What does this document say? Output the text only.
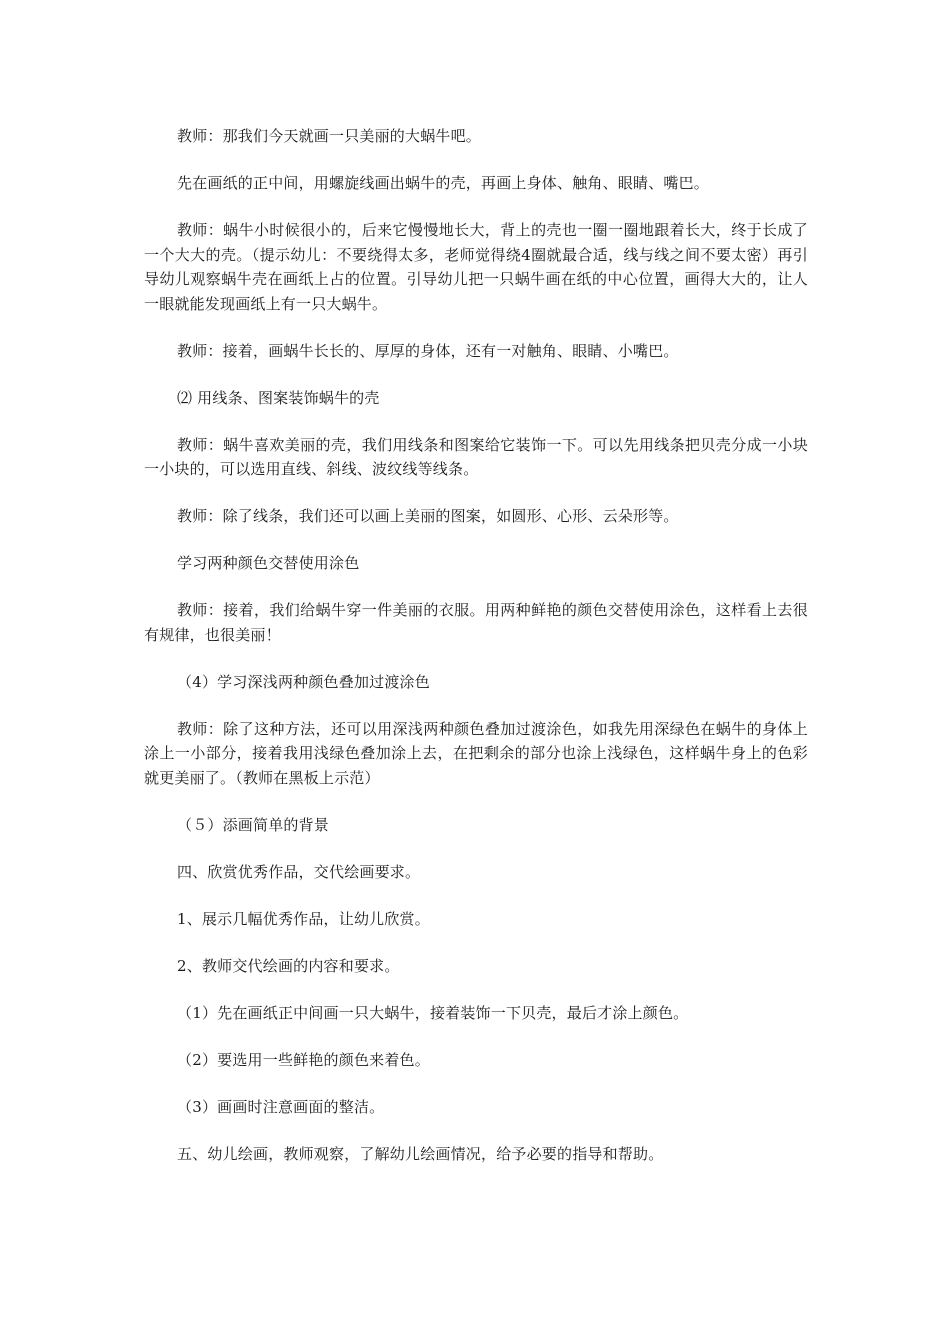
教师：那我们今天就画一只美丽的大蜗牛吧。

先在画纸的正中间，用螺旋线画出蜗牛的壳，再画上身体、触角、眼睛、嘴巴。

教师：蜗牛小时候很小的，后来它慢慢地长大，背上的壳也一圈一圈地跟着长大，终于长成了一个大大的壳。（提示幼儿：不要绕得太多，老师觉得绕4圈就最合适，线与线之间不要太密）再引导幼儿观察蜗牛壳在画纸上占的位置。引导幼儿把一只蜗牛画在纸的中心位置，画得大大的，让人一眼就能发现画纸上有一只大蜗牛。

教师：接着，画蜗牛长长的、厚厚的身体，还有一对触角、眼睛、小嘴巴。

⑵ 用线条、图案装饰蜗牛的壳

教师：蜗牛喜欢美丽的壳，我们用线条和图案给它装饰一下。可以先用线条把贝壳分成一小块一小块的，可以选用直线、斜线、波纹线等线条。

教师：除了线条，我们还可以画上美丽的图案，如圆形、心形、云朵形等。

学习两种颜色交替使用涂色

教师：接着，我们给蜗牛穿一件美丽的衣服。用两种鲜艳的颜色交替使用涂色，这样看上去很有规律，也很美丽！

（4）学习深浅两种颜色叠加过渡涂色

教师：除了这种方法，还可以用深浅两种颜色叠加过渡涂色，如我先用深绿色在蜗牛的身体上涂上一小部分，接着我用浅绿色叠加涂上去，在把剩余的部分也涂上浅绿色，这样蜗牛身上的色彩就更美丽了。（教师在黑板上示范）

（５）添画简单的背景

四、欣赏优秀作品，交代绘画要求。

1、展示几幅优秀作品，让幼儿欣赏。

2、教师交代绘画的内容和要求。

（1）先在画纸正中间画一只大蜗牛，接着装饰一下贝壳，最后才涂上颜色。

（2）要选用一些鲜艳的颜色来着色。

（3）画画时注意画面的整洁。

五、幼儿绘画，教师观察，了解幼儿绘画情况，给予必要的指导和帮助。
